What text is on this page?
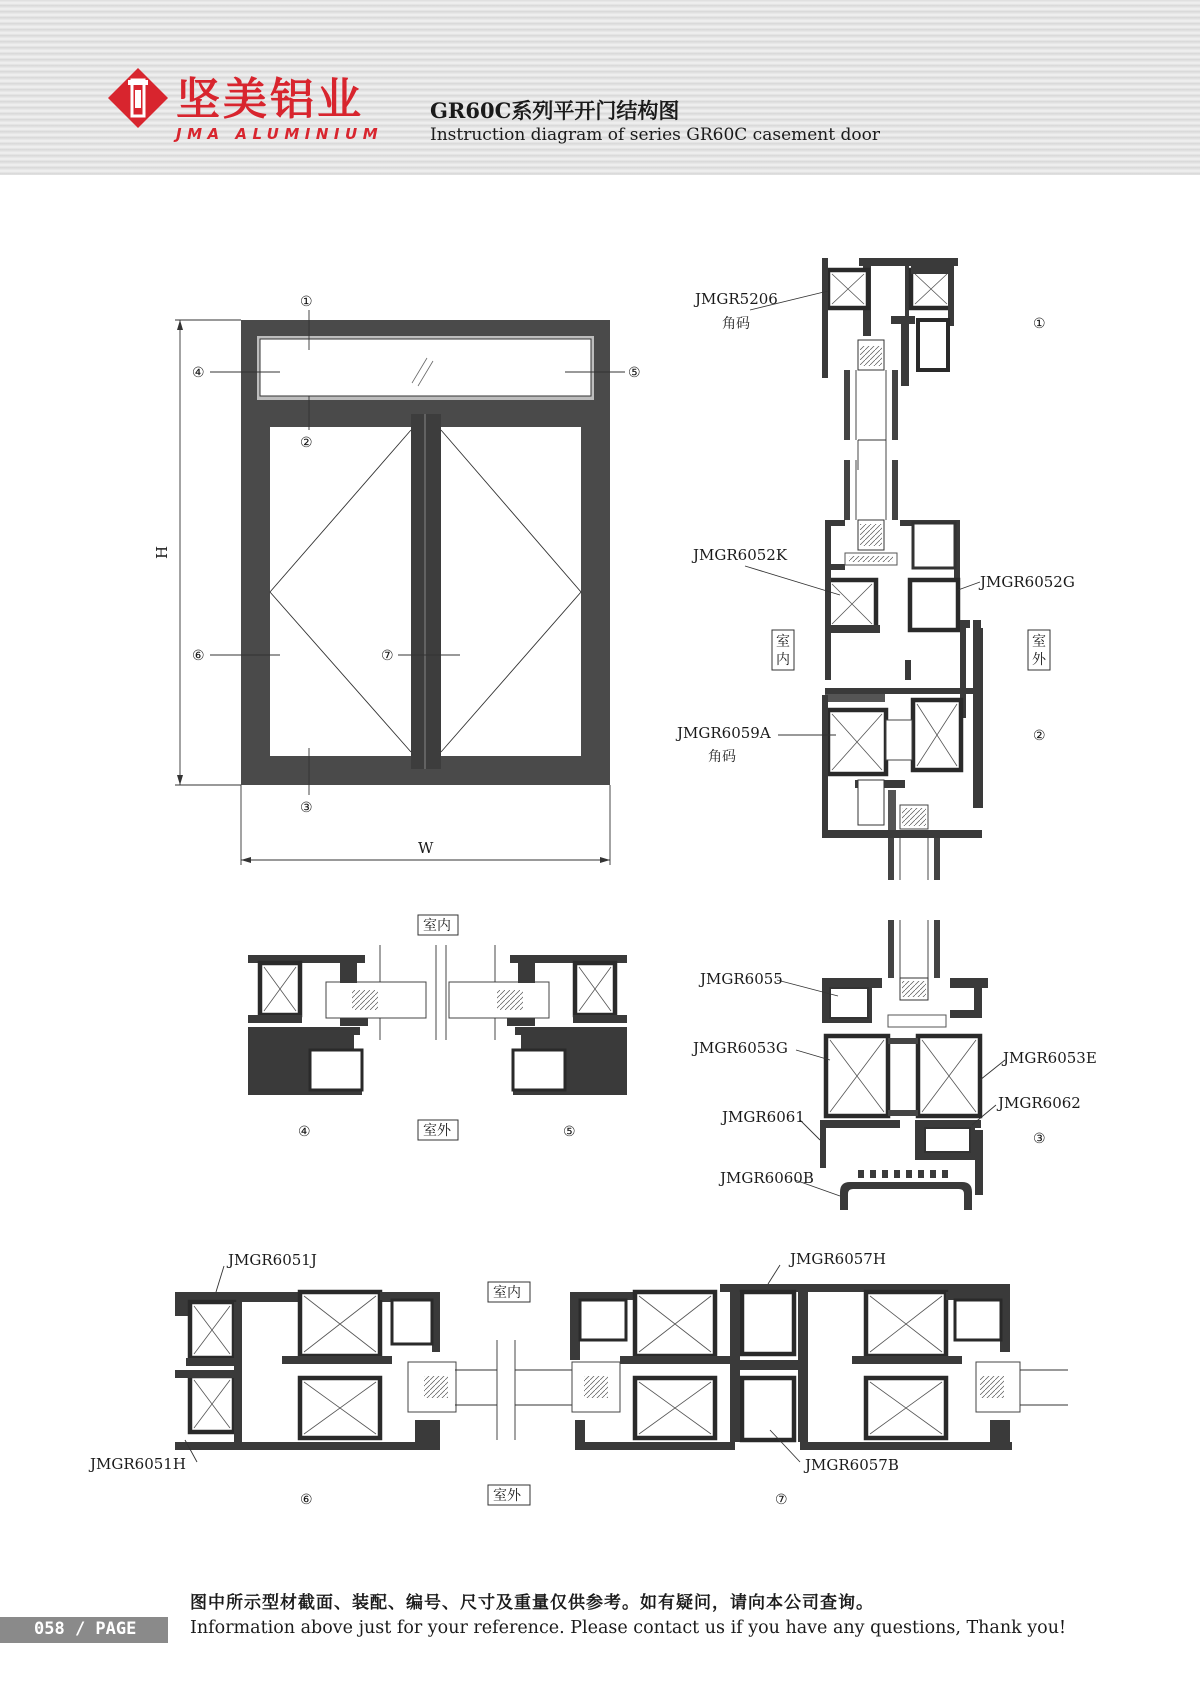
坚美铝业
JMA ALUMINIUM
GR60C系列平开门结构图
Instruction diagram of series GR60C casement door
H
W
①
②
③
④	⑤
⑥	⑦
JMGR5206
角码	①
JMGR6052K
JMGR6052G
JMGR6059A
角码
室
内
室
外
②
JMGR6055
JMGR6053G
JMGR6053E
JMGR6062
JMGR6061
JMGR6060B
③
室内
室外
④	⑤
JMGR6051J
JMGR6051H
⑥
JMGR6057H
JMGR6057B
室内
室外	⑦
图中所示型材截面、装配、编号、尺寸及重量仅供参考。如有疑问，请向本公司查询。
058 / PAGE	Information above just for your reference. Please contact us if you have any questions, Thank you!
